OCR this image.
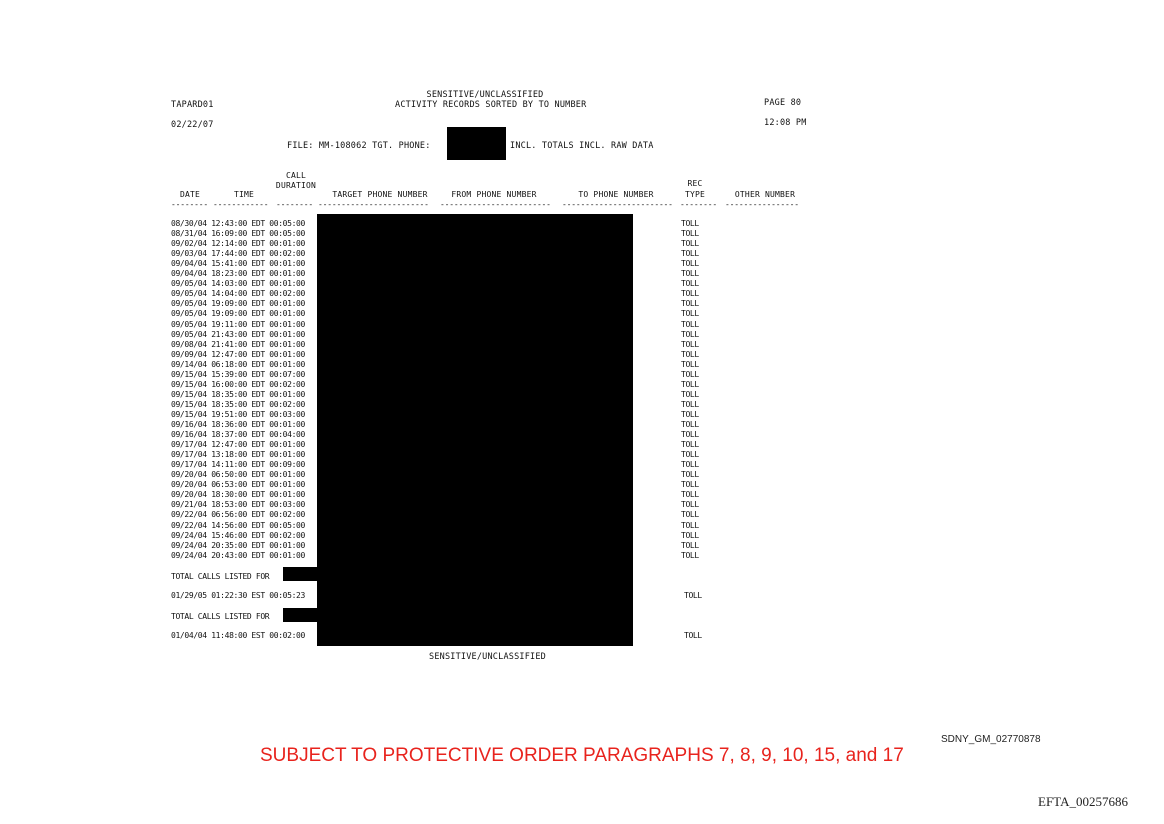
SENSITIVE/UNCLASSIFIED
ACTIVITY RECORDS SORTED BY TO NUMBER
TAPARD01	PAGE 80
02/22/07	12:08 PM
FILE: MM-108062 TGT. PHONE:	INCL. TOTALS INCL. RAW DATA
DATE	TIME
CALL
DURATION
TARGET PHONE NUMBER	FROM PHONE NUMBER	TO PHONE NUMBER
REC
TYPE	OTHER NUMBER
-------- ------------ -------- ------------------------ ------------------------ ------------------------ -------- ----------------
08/30/04 12:43:00 EDT 00:05:00	TOLL
08/31/04 16:09:00 EDT 00:05:00	TOLL
09/02/04 12:14:00 EDT 00:01:00	TOLL
09/03/04 17:44:00 EDT 00:02:00	TOLL
09/04/04 15:41:00 EDT 00:01:00	TOLL
09/04/04 18:23:00 EDT 00:01:00	TOLL
09/05/04 14:03:00 EDT 00:01:00	TOLL
09/05/04 14:04:00 EDT 00:02:00	TOLL
09/05/04 19:09:00 EDT 00:01:00	TOLL
09/05/04 19:09:00 EDT 00:01:00	TOLL
09/05/04 19:11:00 EDT 00:01:00	TOLL
09/05/04 21:43:00 EDT 00:01:00	TOLL
09/08/04 21:41:00 EDT 00:01:00	TOLL
09/09/04 12:47:00 EDT 00:01:00	TOLL
09/14/04 06:18:00 EDT 00:01:00	TOLL
09/15/04 15:39:00 EDT 00:07:00	TOLL
09/15/04 16:00:00 EDT 00:02:00	TOLL
09/15/04 18:35:00 EDT 00:01:00	TOLL
09/15/04 18:35:00 EDT 00:02:00	TOLL
09/15/04 19:51:00 EDT 00:03:00	TOLL
09/16/04 18:36:00 EDT 00:01:00	TOLL
09/16/04 18:37:00 EDT 00:04:00	TOLL
09/17/04 12:47:00 EDT 00:01:00	TOLL
09/17/04 13:18:00 EDT 00:01:00	TOLL
09/17/04 14:11:00 EDT 00:09:00	TOLL
09/20/04 06:50:00 EDT 00:01:00	TOLL
09/20/04 06:53:00 EDT 00:01:00	TOLL
09/20/04 18:30:00 EDT 00:01:00	TOLL
09/21/04 18:53:00 EDT 00:03:00	TOLL
09/22/04 06:56:00 EDT 00:02:00	TOLL
09/22/04 14:56:00 EDT 00:05:00	TOLL
09/24/04 15:46:00 EDT 00:02:00	TOLL
09/24/04 20:35:00 EDT 00:01:00	TOLL
09/24/04 20:43:00 EDT 00:01:00	TOLL
TOTAL CALLS LISTED FOR
01/29/05 01:22:30 EST 00:05:23	TOLL
TOTAL CALLS LISTED FOR
01/04/04 11:48:00 EST 00:02:00	TOLL
SENSITIVE/UNCLASSIFIED
SDNY_GM_02770878
SUBJECT TO PROTECTIVE ORDER PARAGRAPHS 7, 8, 9, 10, 15, and 17
EFTA_00257686
